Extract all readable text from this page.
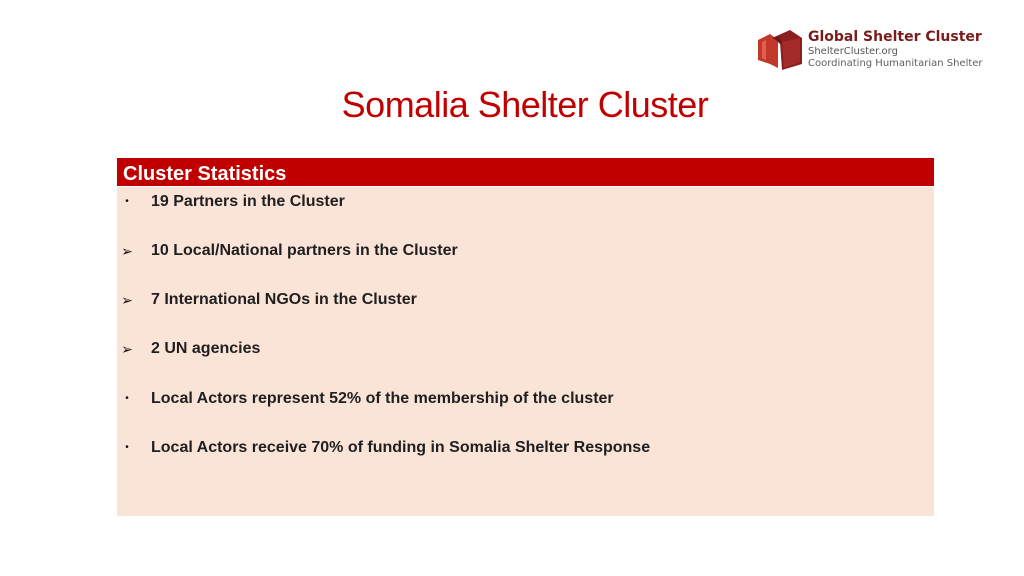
Global Shelter Cluster
ShelterCluster.org
Coordinating Humanitarian Shelter
Somalia Shelter Cluster
Cluster Statistics
•	19 Partners in the Cluster
➢ 10 Local/National partners in the Cluster
➢ 7 International NGOs in the Cluster
➢ 2 UN agencies
•	Local Actors represent 52% of the membership of the cluster
•	Local Actors receive 70% of funding in Somalia Shelter Response
